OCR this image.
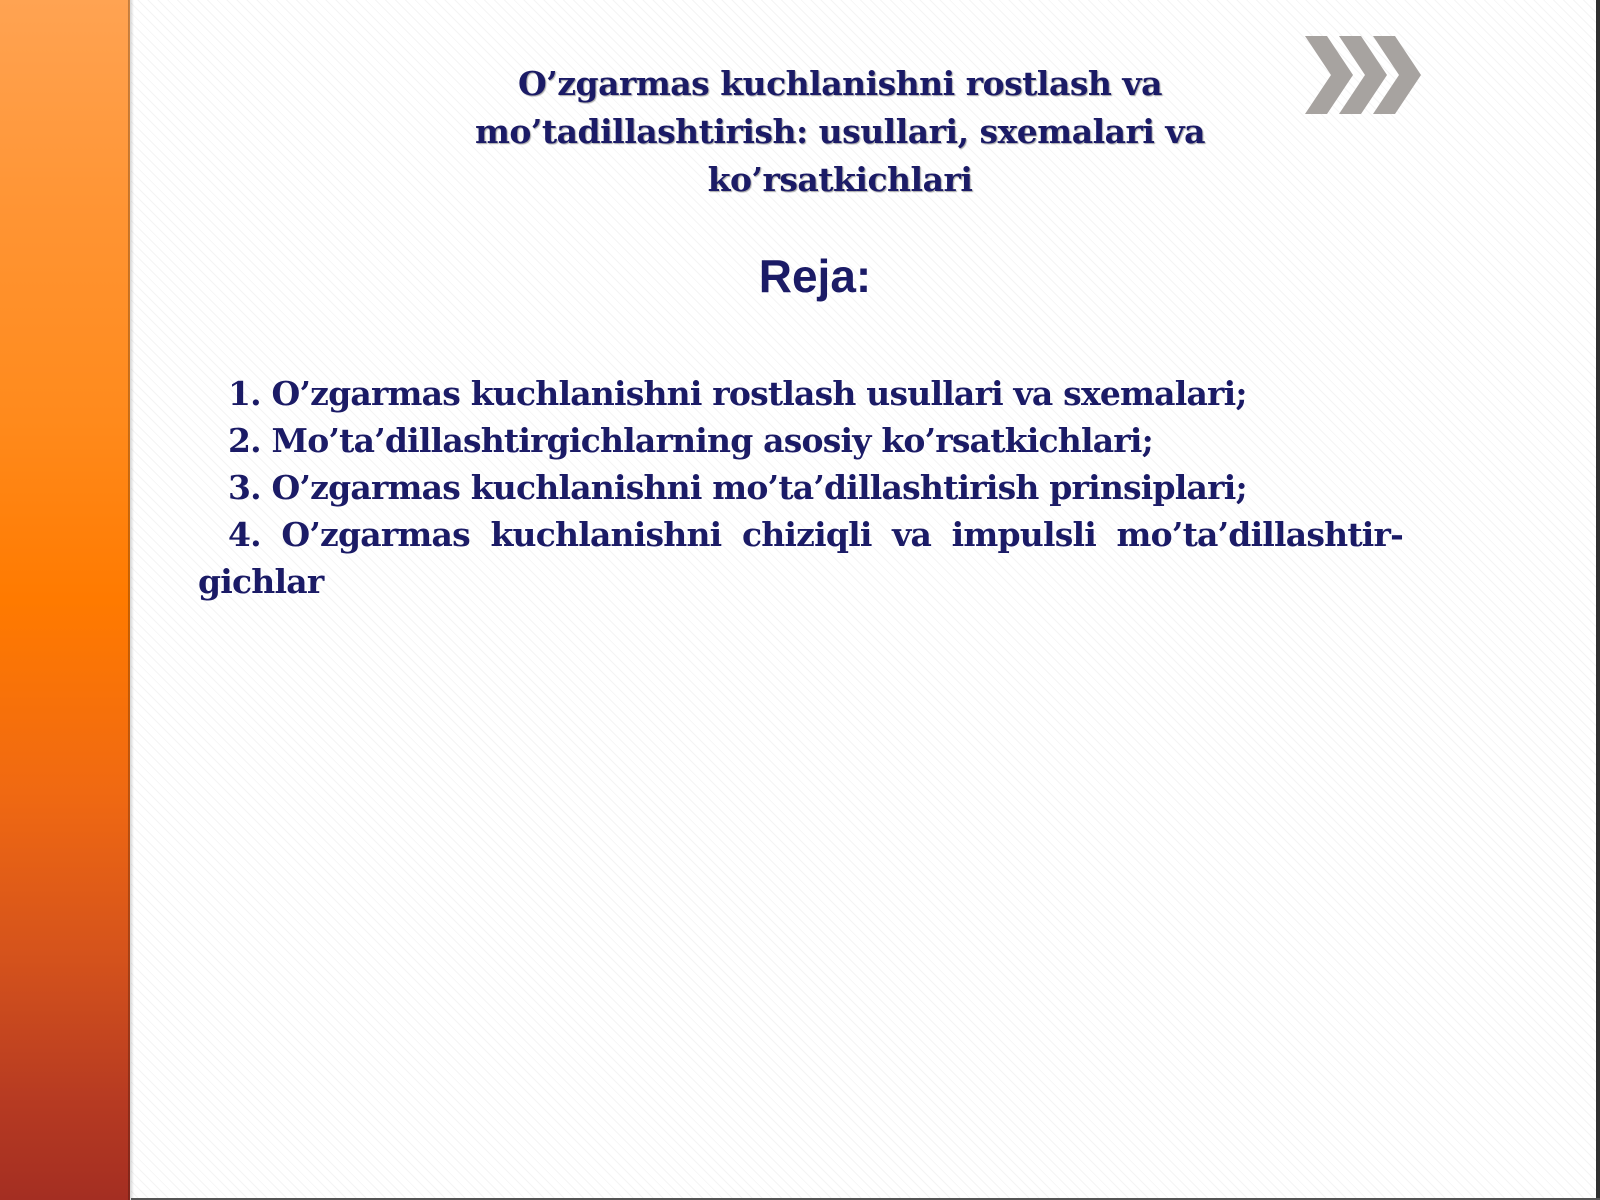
O’zgarmas kuchlanishni rostlash va mo’tadillashtirish: usullari, sxemalari va ko’rsatkichlari
Reja:
1. O’zgarmas kuchlanishni rostlash usullari va sxemalari;
2. Mo’ta’dillashtirgichlarning asosiy ko’rsatkichlari;
3. O’zgarmas kuchlanishni mo’ta’dillashtirish prinsiplari;
4. O’zgarmas kuchlanishni chiziqli va impulsli mo’ta’dillashtir-gichlar
